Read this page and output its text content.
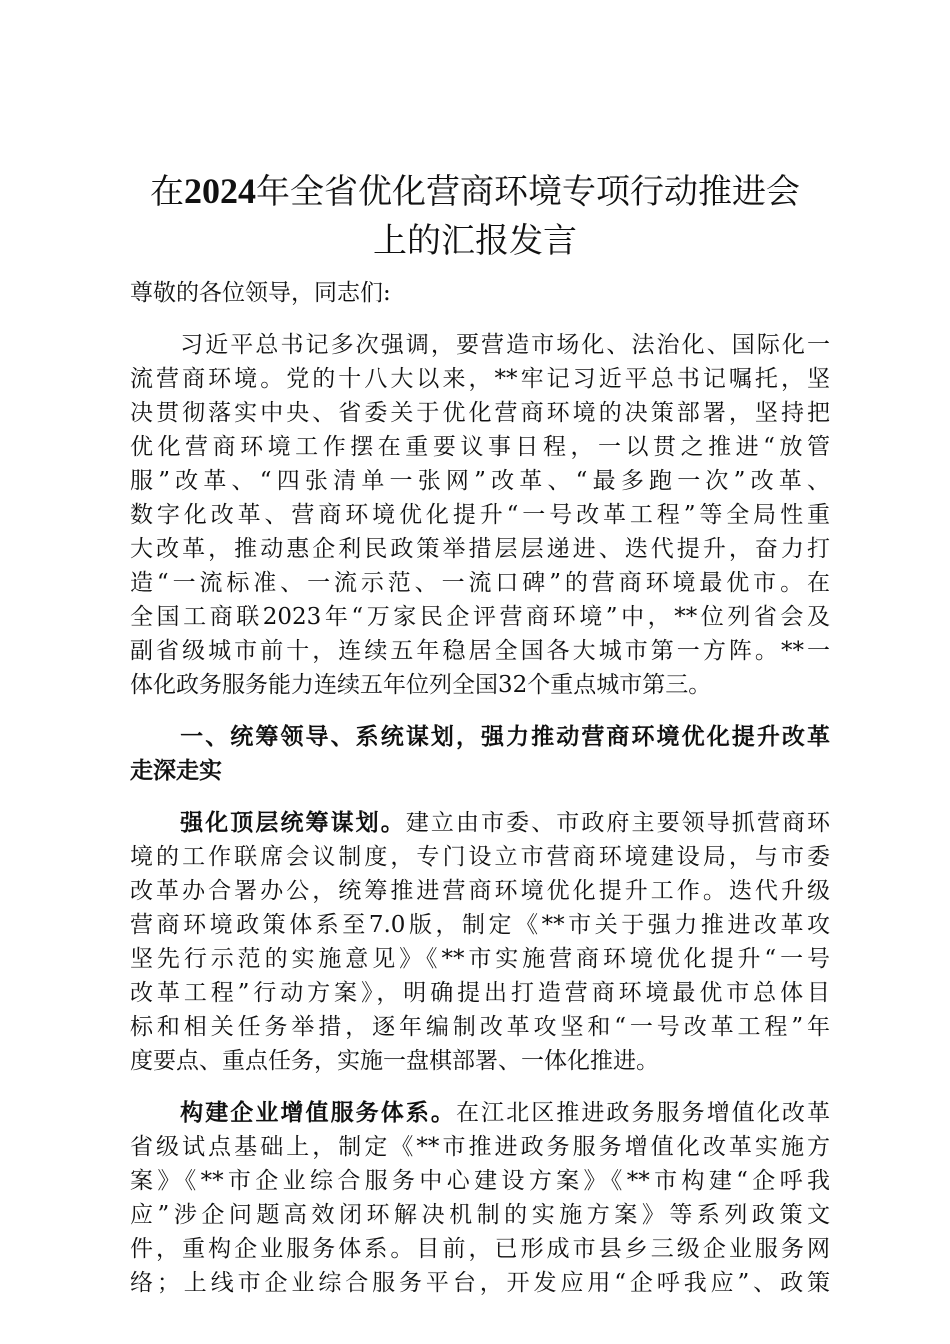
在2024年全省优化营商环境专项行动推进会
上的汇报发言
尊敬的各位领导，同志们:
　　习近平总书记多次强调，要营造市场化、法治化、国际化一
流营商环境。党的十八大以来，**牢记习近平总书记嘱托，坚
决贯彻落实中央、省委关于优化营商环境的决策部署，坚持把
优化营商环境工作摆在重要议事日程，一以贯之推进“放管
服”改革、“四张清单一张网”改革、“最多跑一次”改革、
数字化改革、营商环境优化提升“一号改革工程”等全局性重
大改革，推动惠企利民政策举措层层递进、迭代提升，奋力打
造“一流标准、一流示范、一流口碑”的营商环境最优市。在
全国工商联2023年“万家民企评营商环境”中，**位列省会及
副省级城市前十，连续五年稳居全国各大城市第一方阵。**一
体化政务服务能力连续五年位列全国32个重点城市第三。
　　一、统筹领导、系统谋划，强力推动营商环境优化提升改革
走深走实
　　强化顶层统筹谋划。建立由市委、市政府主要领导抓营商环
境的工作联席会议制度，专门设立市营商环境建设局，与市委
改革办合署办公，统筹推进营商环境优化提升工作。迭代升级
营商环境政策体系至7.0版，制定《**市关于强力推进改革攻
坚先行示范的实施意见》《**市实施营商环境优化提升“一号
改革工程”行动方案》，明确提出打造营商环境最优市总体目
标和相关任务举措，逐年编制改革攻坚和“一号改革工程”年
度要点、重点任务，实施一盘棋部署、一体化推进。
　　构建企业增值服务体系。在江北区推进政务服务增值化改革
省级试点基础上，制定《**市推进政务服务增值化改革实施方
案》《**市企业综合服务中心建设方案》《**市构建“企呼我
应”涉企问题高效闭环解决机制的实施方案》等系列政策文
件，重构企业服务体系。目前，已形成市县乡三级企业服务网
络；上线市企业综合服务平台，开发应用“企呼我应”、政策
